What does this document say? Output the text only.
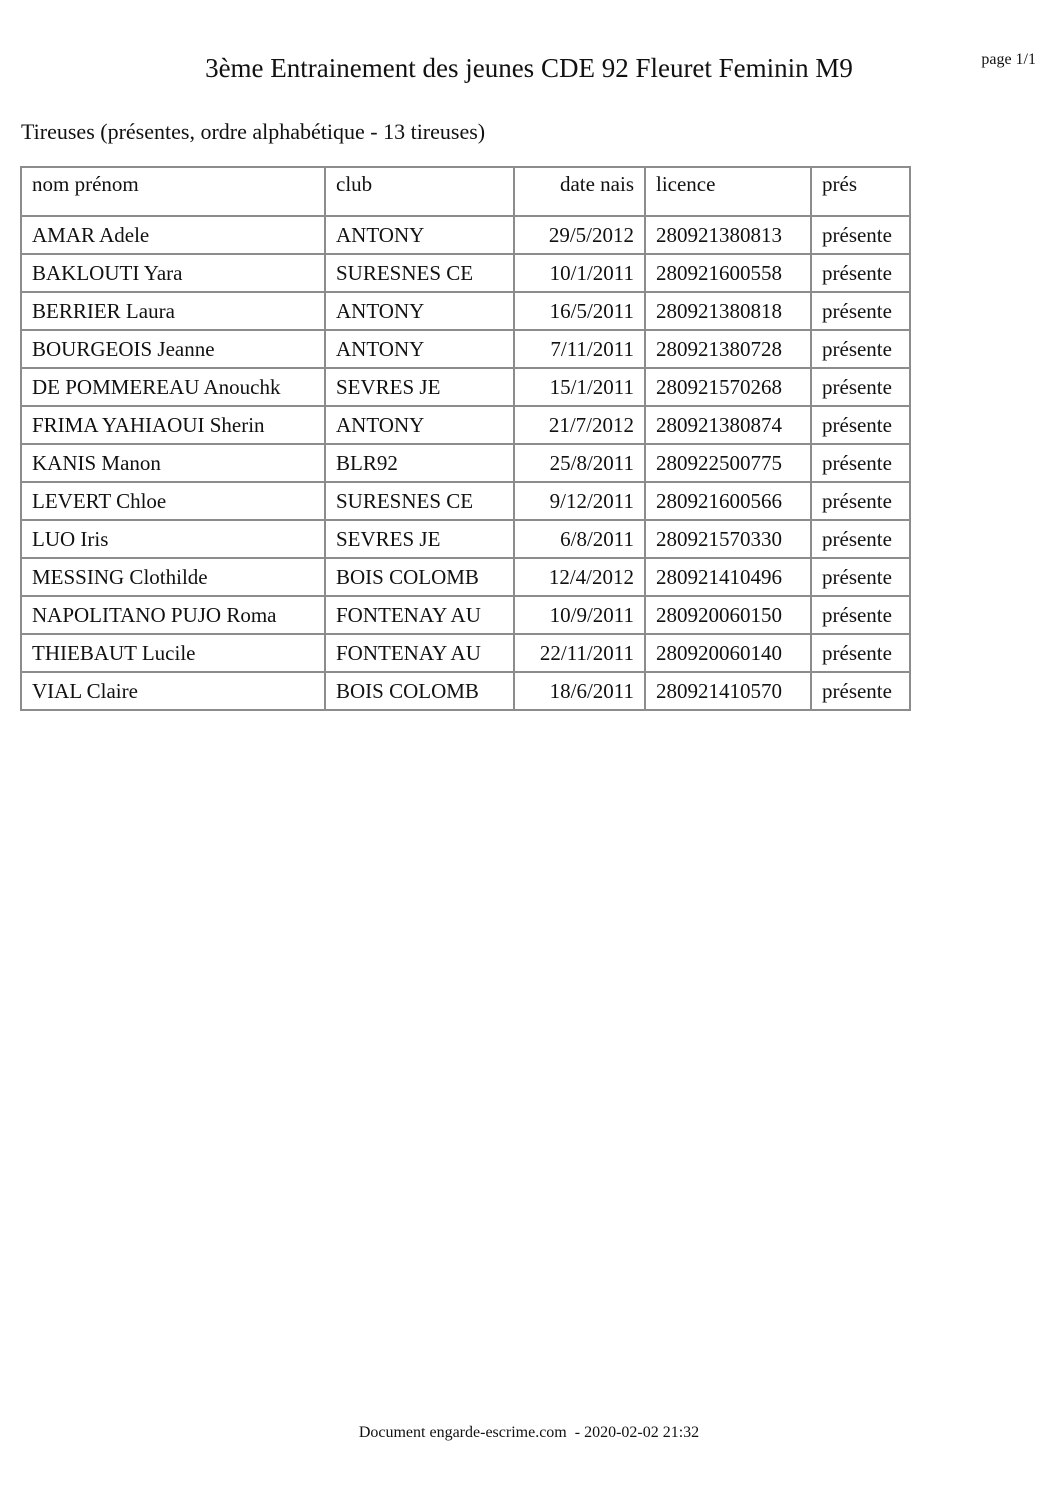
3ème Entrainement des jeunes CDE 92 Fleuret Feminin M9	page 1/1
Tireuses (présentes, ordre alphabétique - 13 tireuses)
nom prénom	club	date nais	licence	prés
AMAR Adele	ANTONY	29/5/2012	280921380813	présente
BAKLOUTI Yara	SURESNES CE	10/1/2011	280921600558	présente
BERRIER Laura	ANTONY	16/5/2011	280921380818	présente
BOURGEOIS Jeanne	ANTONY	7/11/2011	280921380728	présente
DE POMMEREAU Anouchk	SEVRES JE	15/1/2011	280921570268	présente
FRIMA YAHIAOUI Sherin	ANTONY	21/7/2012	280921380874	présente
KANIS Manon	BLR92	25/8/2011	280922500775	présente
LEVERT Chloe	SURESNES CE	9/12/2011	280921600566	présente
LUO Iris	SEVRES JE	6/8/2011	280921570330	présente
MESSING Clothilde	BOIS COLOMB	12/4/2012	280921410496	présente
NAPOLITANO PUJO Roma	FONTENAY AU	10/9/2011	280920060150	présente
THIEBAUT Lucile	FONTENAY AU	22/11/2011	280920060140	présente
VIAL Claire	BOIS COLOMB	18/6/2011	280921410570	présente
Document engarde-escrime.com  - 2020-02-02 21:32
